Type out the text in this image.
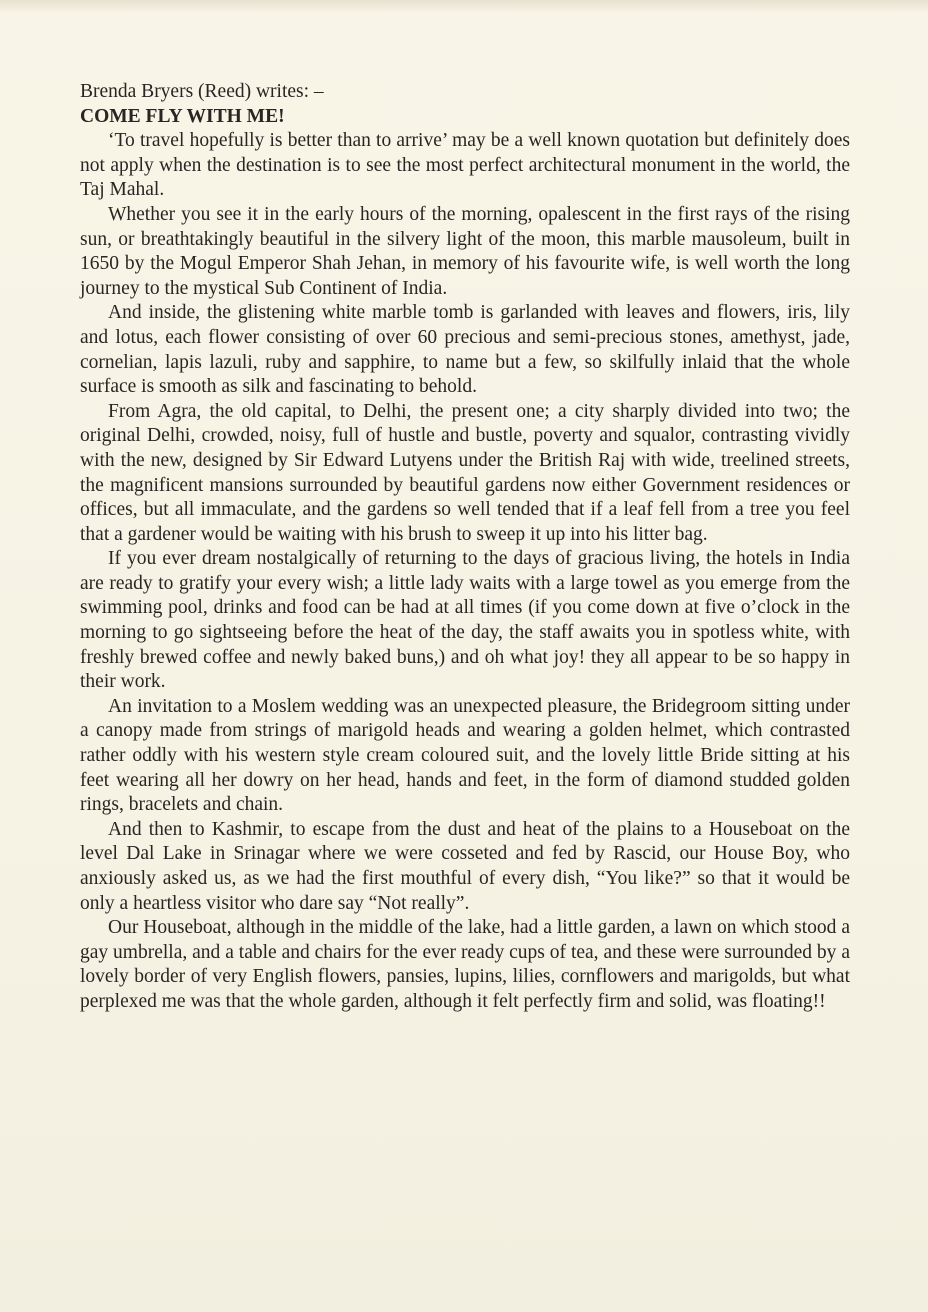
Brenda Bryers (Reed) writes: –

COME FLY WITH ME!

‘To travel hopefully is better than to arrive’ may be a well known quotation but definitely does not apply when the destination is to see the most perfect architectural monument in the world, the Taj Mahal.

Whether you see it in the early hours of the morning, opalescent in the first rays of the rising sun, or breathtakingly beautiful in the silvery light of the moon, this marble mausoleum, built in 1650 by the Mogul Emperor Shah Jehan, in memory of his favourite wife, is well worth the long journey to the mystical Sub Continent of India.

And inside, the glistening white marble tomb is garlanded with leaves and flowers, iris, lily and lotus, each flower consisting of over 60 precious and semi-precious stones, amethyst, jade, cornelian, lapis lazuli, ruby and sapphire, to name but a few, so skilfully inlaid that the whole surface is smooth as silk and fascinating to behold.

From Agra, the old capital, to Delhi, the present one; a city sharply divided into two; the original Delhi, crowded, noisy, full of hustle and bustle, poverty and squalor, contrasting vividly with the new, designed by Sir Edward Lutyens under the British Raj with wide, treelined streets, the magnificent mansions surrounded by beautiful gardens now either Government residences or offices, but all immaculate, and the gardens so well tended that if a leaf fell from a tree you feel that a gardener would be waiting with his brush to sweep it up into his litter bag.

If you ever dream nostalgically of returning to the days of gracious living, the hotels in India are ready to gratify your every wish; a little lady waits with a large towel as you emerge from the swimming pool, drinks and food can be had at all times (if you come down at five o’clock in the morning to go sightseeing before the heat of the day, the staff awaits you in spotless white, with freshly brewed coffee and newly baked buns,) and oh what joy! they all appear to be so happy in their work.

An invitation to a Moslem wedding was an unexpected pleasure, the Bridegroom sitting under a canopy made from strings of marigold heads and wearing a golden helmet, which contrasted rather oddly with his western style cream coloured suit, and the lovely little Bride sitting at his feet wearing all her dowry on her head, hands and feet, in the form of diamond studded golden rings, bracelets and chain.

And then to Kashmir, to escape from the dust and heat of the plains to a Houseboat on the level Dal Lake in Srinagar where we were cosseted and fed by Rascid, our House Boy, who anxiously asked us, as we had the first mouthful of every dish, “You like?” so that it would be only a heartless visitor who dare say “Not really”.

Our Houseboat, although in the middle of the lake, had a little garden, a lawn on which stood a gay umbrella, and a table and chairs for the ever ready cups of tea, and these were surrounded by a lovely border of very English flowers, pansies, lupins, lilies, cornflowers and marigolds, but what perplexed me was that the whole garden, although it felt perfectly firm and solid, was floating!!
